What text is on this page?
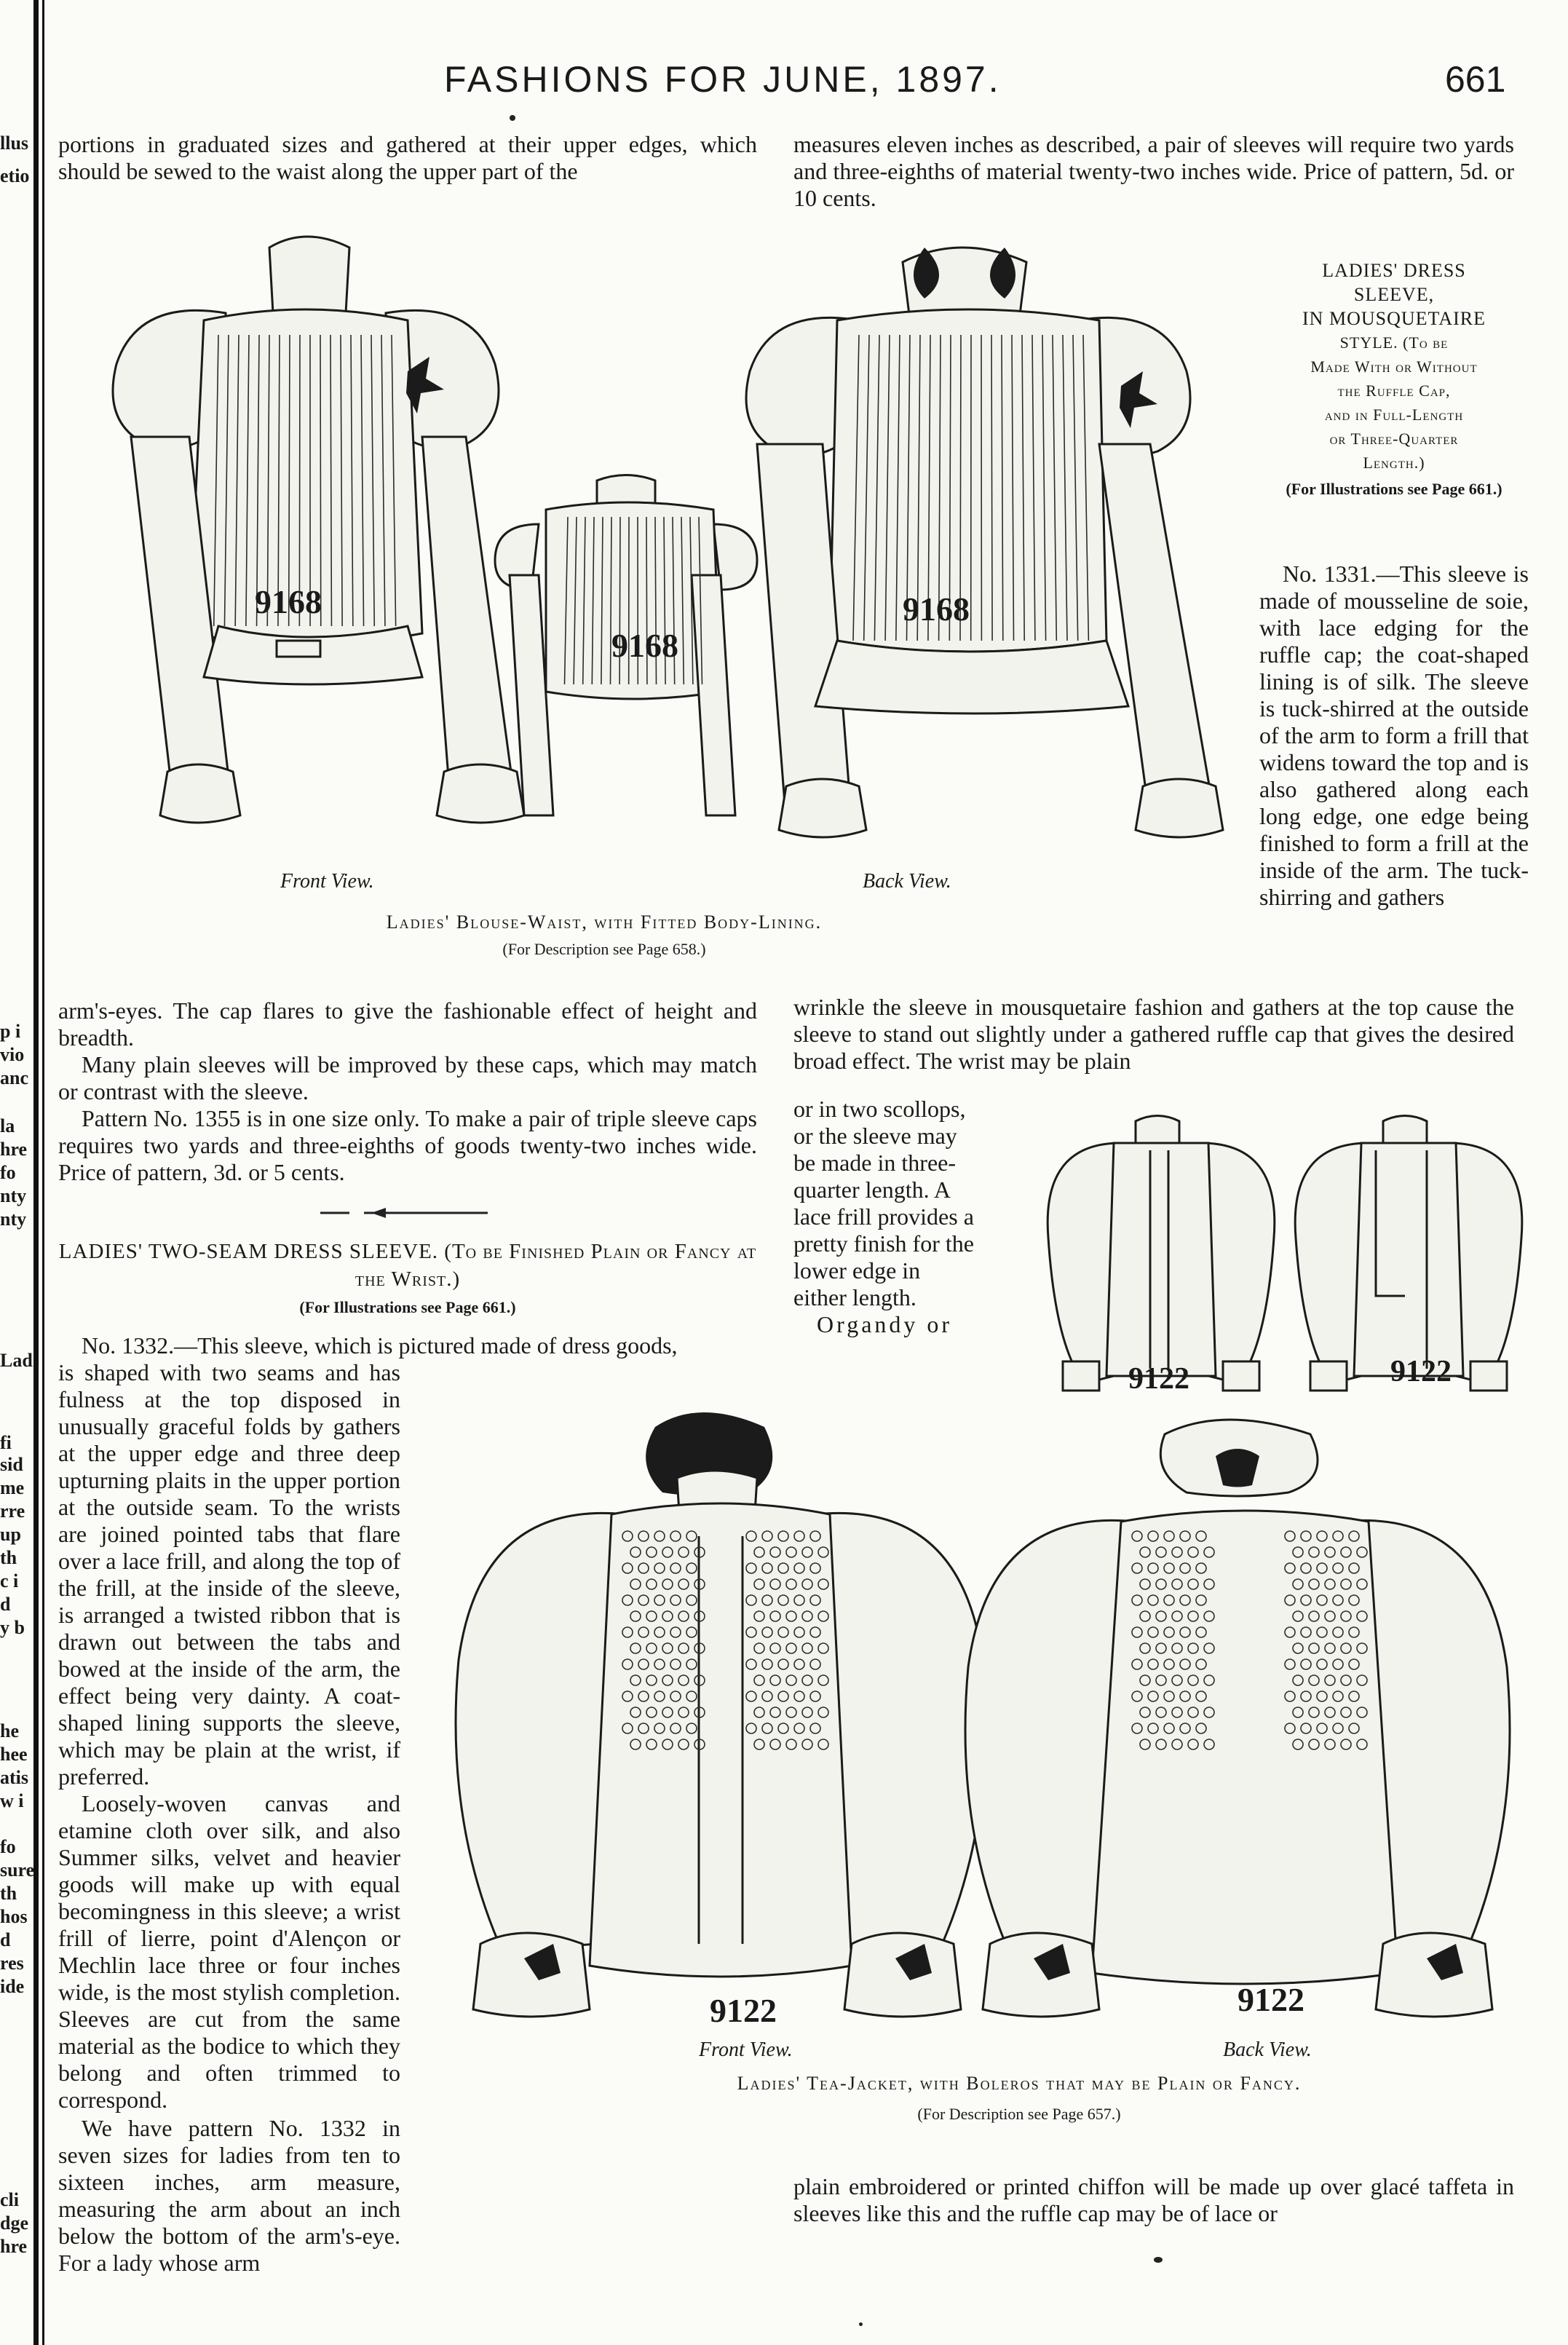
llus
etio
p i
vio
anc
la
hre
fo
nty
nty
Lad
fi
sid
me
rre
up
th
c i
d
y b
he
hee
atis
w i
fo
sure
th
hos
d
res
ide
cli
dge
hre
FASHIONS FOR JUNE, 1897.	661

portions in graduated sizes and gathered at their upper edges, which should be sewed to the waist along the upper part of the

measures eleven inches as described, a pair of sleeves will require two yards and three-eighths of material twenty-two inches wide. Price of pattern, 5d. or 10 cents.

9168
9168
9168
Front View.	Back View.
Ladies' Blouse-Waist, with Fitted Body-Lining.
(For Description see Page 658.)
LADIES' DRESS
SLEEVE,
IN MOUSQUETAIRE
STYLE. (To be
Made With or Without
the Ruffle Cap,
and in Full-Length
or Three-Quarter
Length.)
(For Illustrations see Page 661.)

No. 1331.—This sleeve is made of mousseline de soie, with lace edging for the ruffle cap; the coat-shaped lining is of silk. The sleeve is tuck-shirred at the outside of the arm to form a frill that widens toward the top and is also gathered along each long edge, one edge being finished to form a frill at the inside of the arm. The tuck-shirring and gathers

wrinkle the sleeve in mousquetaire fashion and gathers at the top cause the sleeve to stand out slightly under a gathered ruffle cap that gives the desired broad effect. The wrist may be plain

or in two scollops, or the sleeve may be made in three-quarter length. A lace frill provides a pretty finish for the lower edge in either length.

Organdy or

9122	9122

arm's-eyes. The cap flares to give the fashionable effect of height and breadth.

Many plain sleeves will be improved by these caps, which may match or contrast with the sleeve.

Pattern No. 1355 is in one size only. To make a pair of triple sleeve caps requires two yards and three-eighths of goods twenty-two inches wide. Price of pattern, 3d. or 5 cents.

LADIES' TWO-SEAM DRESS SLEEVE. (To be Finished Plain or Fancy at the Wrist.)
(For Illustrations see Page 661.)

No. 1332.—This sleeve, which is pictured made of dress goods,

is shaped with two seams and has fulness at the top disposed in unusually graceful folds by gathers at the upper edge and three deep upturning plaits in the upper portion at the outside seam. To the wrists are joined pointed tabs that flare over a lace frill, and along the top of the frill, at the inside of the sleeve, is arranged a twisted ribbon that is drawn out between the tabs and bowed at the inside of the arm, the effect being very dainty. A coat-shaped lining supports the sleeve, which may be plain at the wrist, if preferred.

Loosely-woven canvas and etamine cloth over silk, and also Summer silks, velvet and heavier goods will make up with equal becomingness in this sleeve; a wrist frill of lierre, point d'Alençon or Mechlin lace three or four inches wide, is the most stylish completion. Sleeves are cut from the same material as the bodice to which they belong and often trimmed to correspond.

We have pattern No. 1332 in seven sizes for ladies from ten to sixteen inches, arm measure, measuring the arm about an inch below the bottom of the arm's-eye. For a lady whose arm

9122	9122
Front View.	Back View.
Ladies' Tea-Jacket, with Boleros that may be Plain or Fancy.
(For Description see Page 657.)

plain embroidered or printed chiffon will be made up over glacé taffeta in sleeves like this and the ruffle cap may be of lace or
